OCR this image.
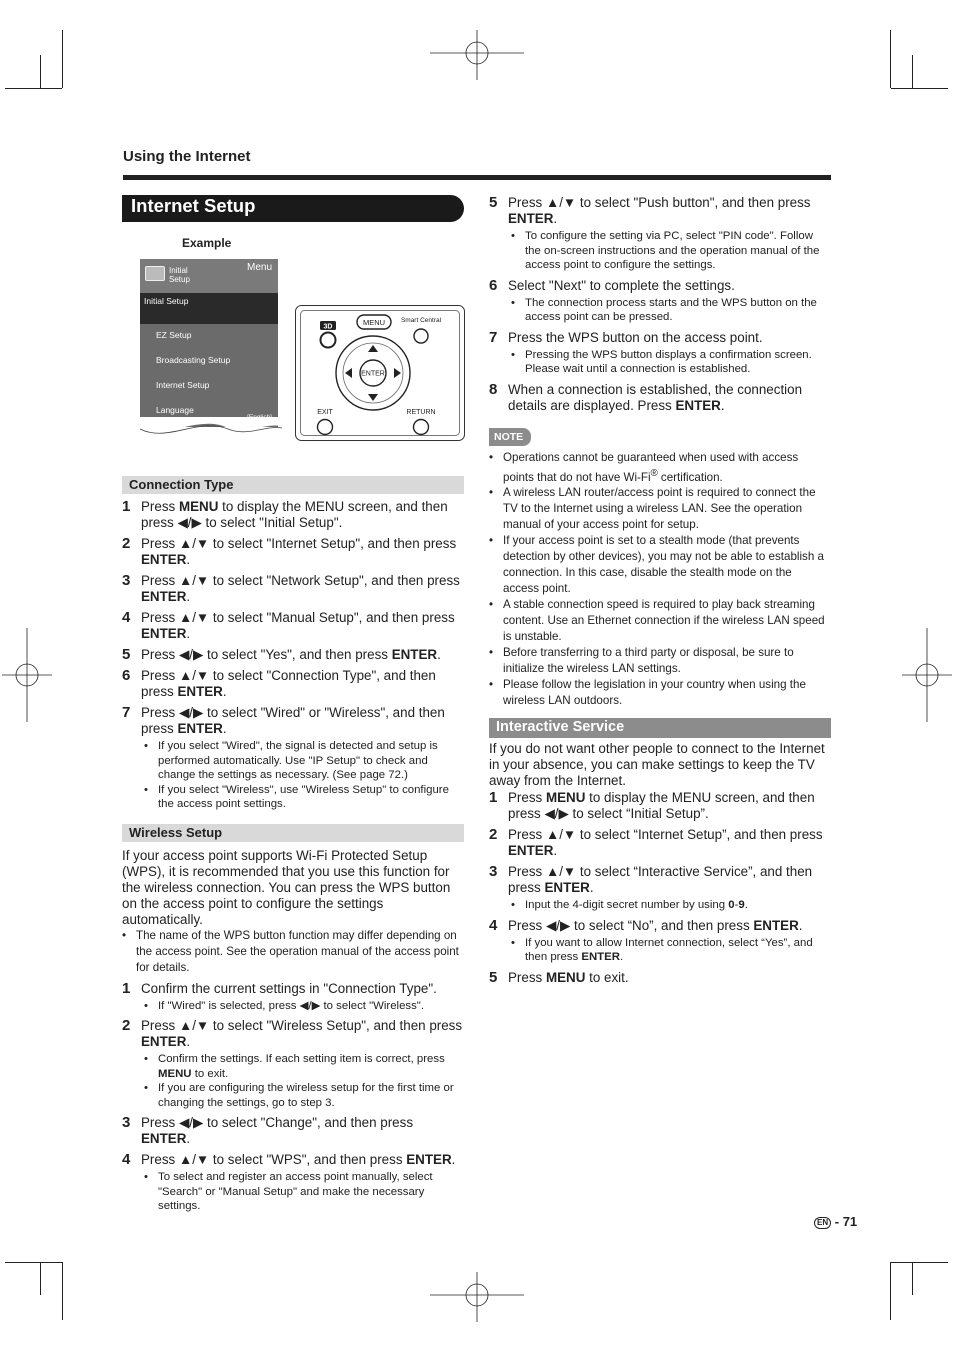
Using the Internet
Internet Setup
Example
Initial Setup
Menu
Initial Setup
EZ Setup
Broadcasting Setup
Internet Setup
Language
3D	MENU Smart Central
ENTER
EXIT	RETURN
Connection Type
1 Press MENU to display the MENU screen, and then press ◀/▶ to select "Initial Setup".
2 Press ▲/▼ to select "Internet Setup", and then press ENTER.
3 Press ▲/▼ to select "Network Setup", and then press ENTER.
4 Press ▲/▼ to select "Manual Setup", and then press ENTER.
5 Press ◀/▶ to select "Yes", and then press ENTER.
6 Press ▲/▼ to select "Connection Type", and then press ENTER.
7 Press ◀/▶ to select "Wired" or "Wireless", and then press ENTER.
• If you select "Wired", the signal is detected and setup is performed automatically. Use "IP Setup" to check and change the settings as necessary. (See page 72.)
• If you select "Wireless", use "Wireless Setup" to configure the access point settings.
Wireless Setup
If your access point supports Wi-Fi Protected Setup (WPS), it is recommended that you use this function for the wireless connection. You can press the WPS button on the access point to configure the settings automatically.
• The name of the WPS button function may differ depending on the access point. See the operation manual of the access point for details.
1 Confirm the current settings in "Connection Type".
• If "Wired" is selected, press ◀/▶ to select "Wireless".
2 Press ▲/▼ to select "Wireless Setup", and then press ENTER.
• Confirm the settings. If each setting item is correct, press MENU to exit.
• If you are configuring the wireless setup for the first time or changing the settings, go to step 3.
3 Press ◀/▶ to select "Change", and then press ENTER.
4 Press ▲/▼ to select "WPS", and then press ENTER.
• To select and register an access point manually, select "Search" or "Manual Setup" and make the necessary settings.
5 Press ▲/▼ to select "Push button", and then press ENTER.
• To configure the setting via PC, select "PIN code". Follow the on-screen instructions and the operation manual of the access point to configure the settings.
6 Select "Next" to complete the settings.
• The connection process starts and the WPS button on the access point can be pressed.
7 Press the WPS button on the access point.
• Pressing the WPS button displays a confirmation screen. Please wait until a connection is established.
8 When a connection is established, the connection details are displayed. Press ENTER.
NOTE
• Operations cannot be guaranteed when used with access points that do not have Wi-Fi® certification.
• A wireless LAN router/access point is required to connect the TV to the Internet using a wireless LAN. See the operation manual of your access point for setup.
• If your access point is set to a stealth mode (that prevents detection by other devices), you may not be able to establish a connection. In this case, disable the stealth mode on the access point.
• A stable connection speed is required to play back streaming content. Use an Ethernet connection if the wireless LAN speed is unstable.
• Before transferring to a third party or disposal, be sure to initialize the wireless LAN settings.
• Please follow the legislation in your country when using the wireless LAN outdoors.
Interactive Service
If you do not want other people to connect to the Internet in your absence, you can make settings to keep the TV away from the Internet.
1 Press MENU to display the MENU screen, and then press ◀/▶ to select “Initial Setup”.
2 Press ▲/▼ to select “Internet Setup”, and then press ENTER.
3 Press ▲/▼ to select “Interactive Service”, and then press ENTER.
• Input the 4-digit secret number by using 0-9.
4 Press ◀/▶ to select “No”, and then press ENTER.
• If you want to allow Internet connection, select “Yes”, and then press ENTER.
5 Press MENU to exit.
EN - 71
